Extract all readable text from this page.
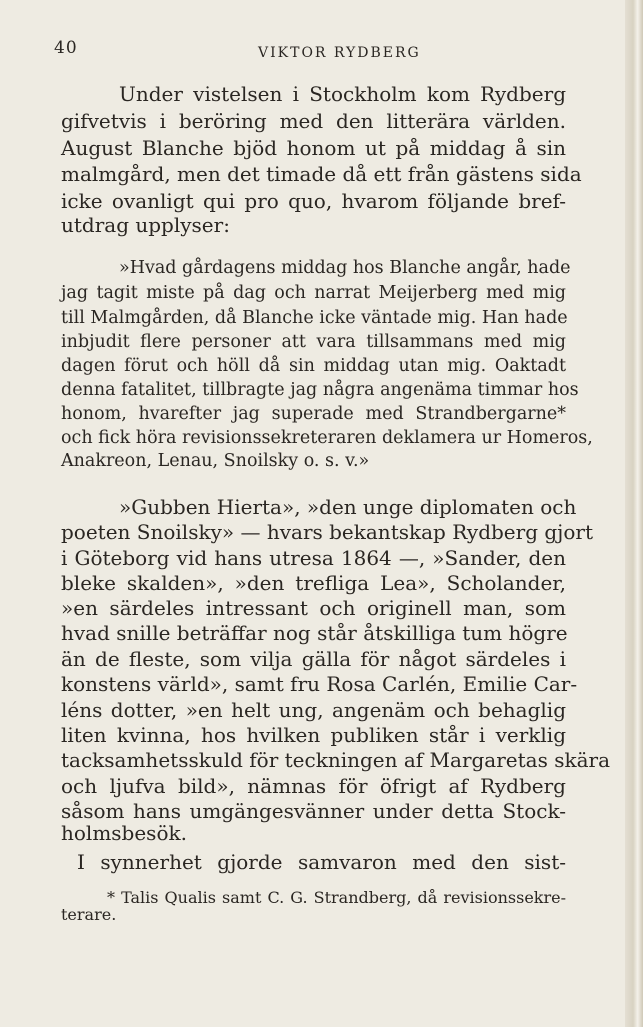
40	VIKTOR RYDBERG

Under vistelsen i Stockholm kom Rydberg

gifvetvis i beröring med den litterära världen.

August Blanche bjöd honom ut på middag å sin

malmgård, men det timade då ett från gästens sida

icke ovanligt qui pro quo, hvarom följande bref-

utdrag upplyser:

»Hvad gårdagens middag hos Blanche angår, hade

jag tagit miste på dag och narrat Meijerberg med mig

till Malmgården, då Blanche icke väntade mig. Han hade

inbjudit flere personer att vara tillsammans med mig

dagen förut och höll då sin middag utan mig. Oaktadt

denna fatalitet, tillbragte jag några angenäma timmar hos

honom, hvarefter jag superade med Strandbergarne*

och fick höra revisionssekreteraren deklamera ur Homeros,

Anakreon, Lenau, Snoilsky o. s. v.»

»Gubben Hierta», »den unge diplomaten och

poeten Snoilsky» — hvars bekantskap Rydberg gjort

i Göteborg vid hans utresa 1864 —, »Sander, den

bleke skalden», »den trefliga Lea», Scholander,

»en särdeles intressant och originell man, som

hvad snille beträffar nog står åtskilliga tum högre

än de fleste, som vilja gälla för något särdeles i

konstens värld», samt fru Rosa Carlén, Emilie Car-

léns dotter, »en helt ung, angenäm och behaglig

liten kvinna, hos hvilken publiken står i verklig

tacksamhetsskuld för teckningen af Margaretas skära

och ljufva bild», nämnas för öfrigt af Rydberg

såsom hans umgängesvänner under detta Stock-

holmsbesök.

I synnerhet gjorde samvaron med den sist-

* Talis Qualis samt C. G. Strandberg, då revisionssekre-

terare.
